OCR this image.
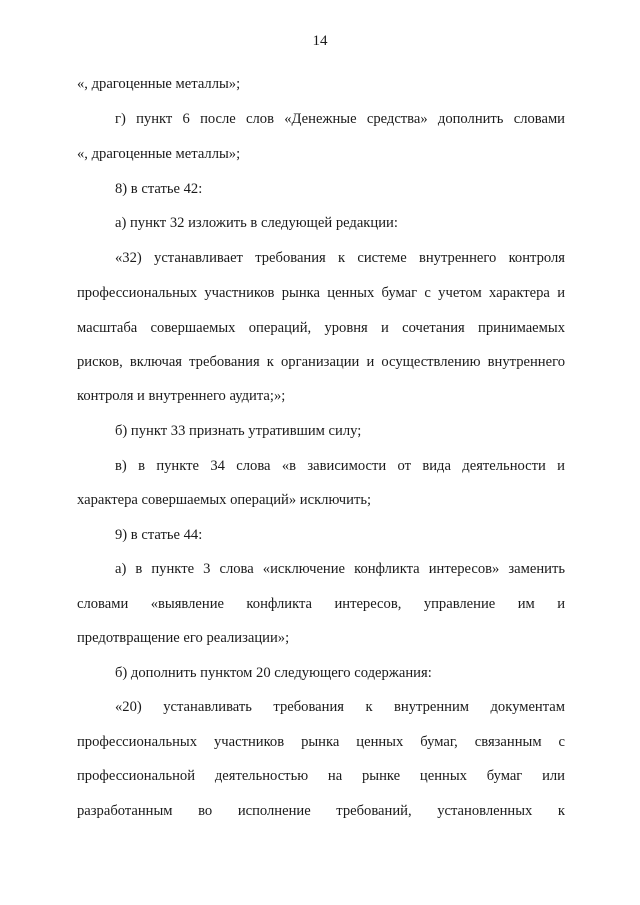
14
«, драгоценные металлы»;
г) пункт 6 после слов «Денежные средства» дополнить словами
«, драгоценные металлы»;
8) в статье 42:
а) пункт 32 изложить в следующей редакции:
«32) устанавливает требования к системе внутреннего контроля
профессиональных участников рынка ценных бумаг с учетом характера и
масштаба совершаемых операций, уровня и сочетания принимаемых
рисков, включая требования к организации и осуществлению внутреннего
контроля и внутреннего аудита;»;
б) пункт 33 признать утратившим силу;
в) в пункте 34 слова «в зависимости от вида деятельности и
характера совершаемых операций» исключить;
9) в статье 44:
а) в пункте 3 слова «исключение конфликта интересов» заменить
словами «выявление конфликта интересов, управление им и
предотвращение его реализации»;
б) дополнить пунктом 20 следующего содержания:
«20) устанавливать требования к внутренним документам
профессиональных участников рынка ценных бумаг, связанным с
профессиональной деятельностью на рынке ценных бумаг или
разработанным во исполнение требований, установленных к
